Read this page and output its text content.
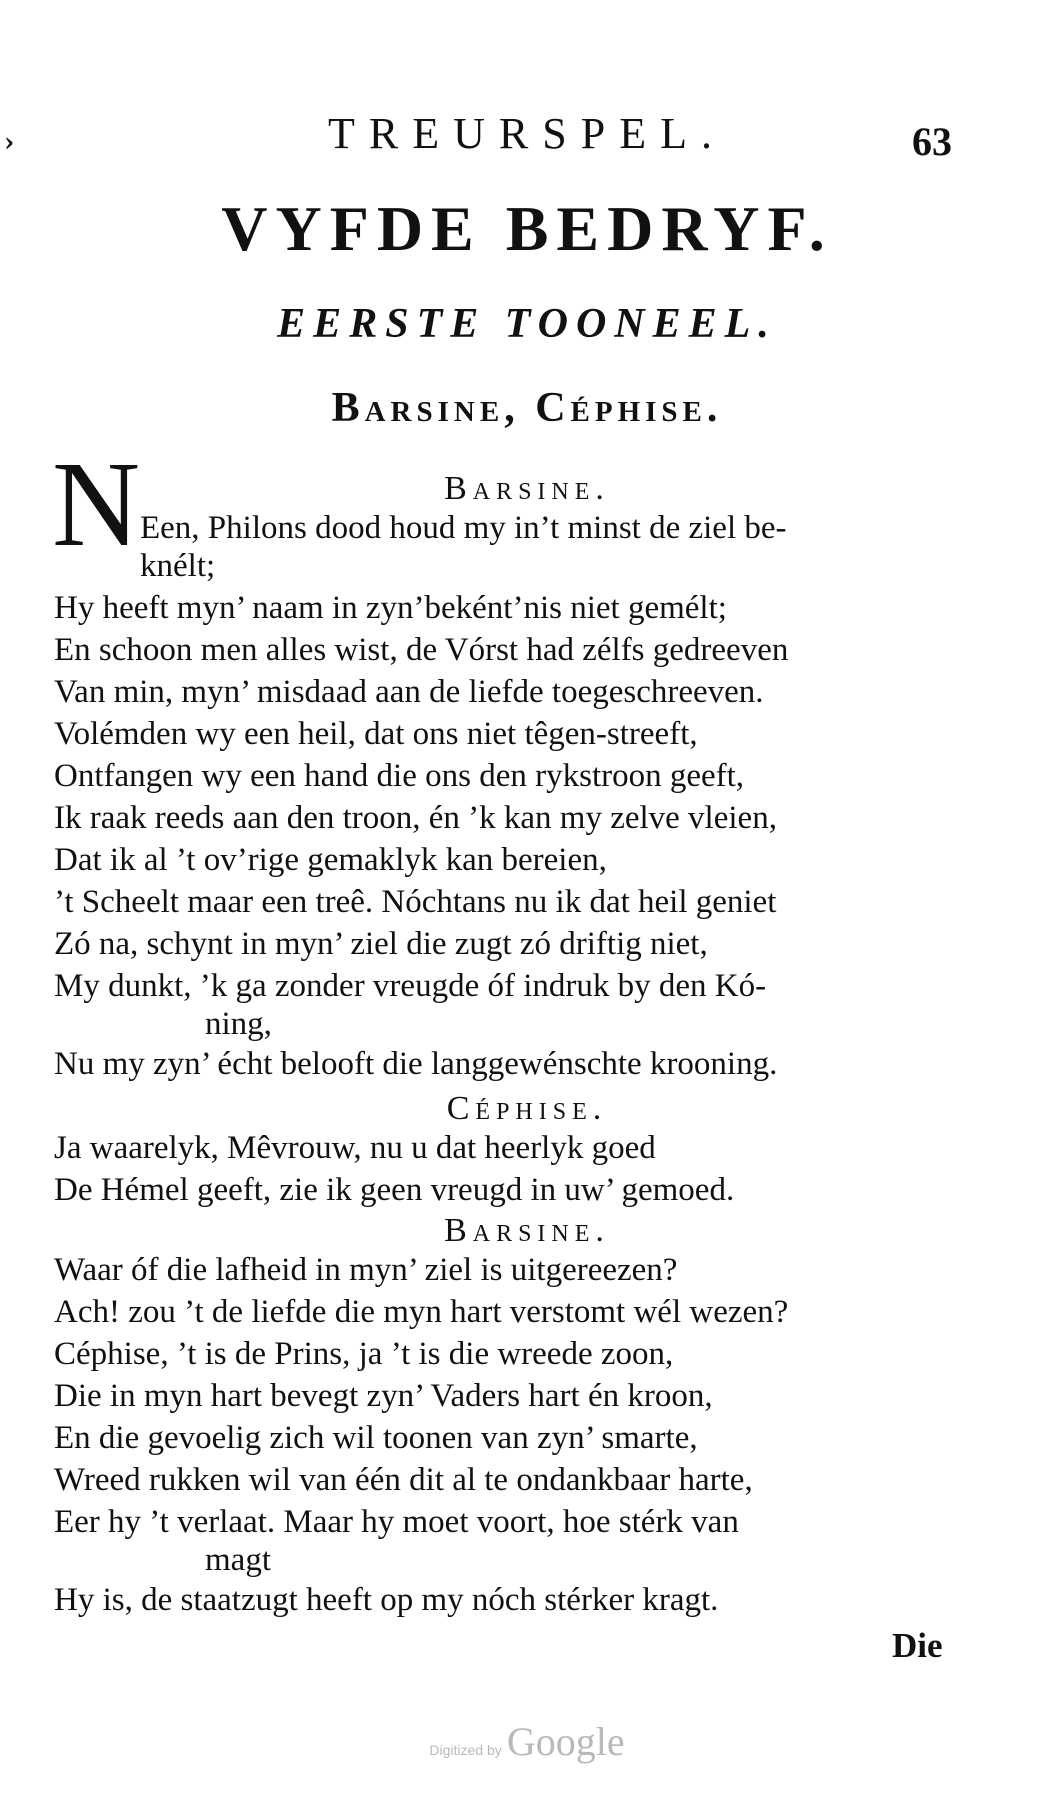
›	TREURSPEL.	63
VYFDE BEDRYF.
EERSTE TOONEEL.
Barsine, Céphise.
Barsine.
N Een, Philons dood houd my in’t minst de ziel be-
knélt;
Hy heeft myn’ naam in zyn’beként’nis niet gemélt;
En schoon men alles wist, de Vórst had zélfs gedreeven
Van min, myn’ misdaad aan de liefde toegeschreeven.
Volémden wy een heil, dat ons niet têgen-streeft,
Ontfangen wy een hand die ons den rykstroon geeft,
Ik raak reeds aan den troon, én ’k kan my zelve vleien,
Dat ik al ’t ov’rige gemaklyk kan bereien,
’t Scheelt maar een treê. Nóchtans nu ik dat heil geniet
Zó na, schynt in myn’ ziel die zugt zó driftig niet,
My dunkt, ’k ga zonder vreugde óf indruk by den Kó-
ning,
Nu my zyn’ écht belooft die langgewénschte krooning.
Céphise.
Ja waarelyk, Mêvrouw, nu u dat heerlyk goed
De Hémel geeft, zie ik geen vreugd in uw’ gemoed.
Barsine.
Waar óf die lafheid in myn’ ziel is uitgereezen?
Ach! zou ’t de liefde die myn hart verstomt wél wezen?
Céphise, ’t is de Prins, ja ’t is die wreede zoon,
Die in myn hart bevegt zyn’ Vaders hart én kroon,
En die gevoelig zich wil toonen van zyn’ smarte,
Wreed rukken wil van één dit al te ondankbaar harte,
Eer hy ’t verlaat. Maar hy moet voort, hoe stérk van
magt
Hy is, de staatzugt heeft op my nóch stérker kragt.
Die
Digitized by Google
